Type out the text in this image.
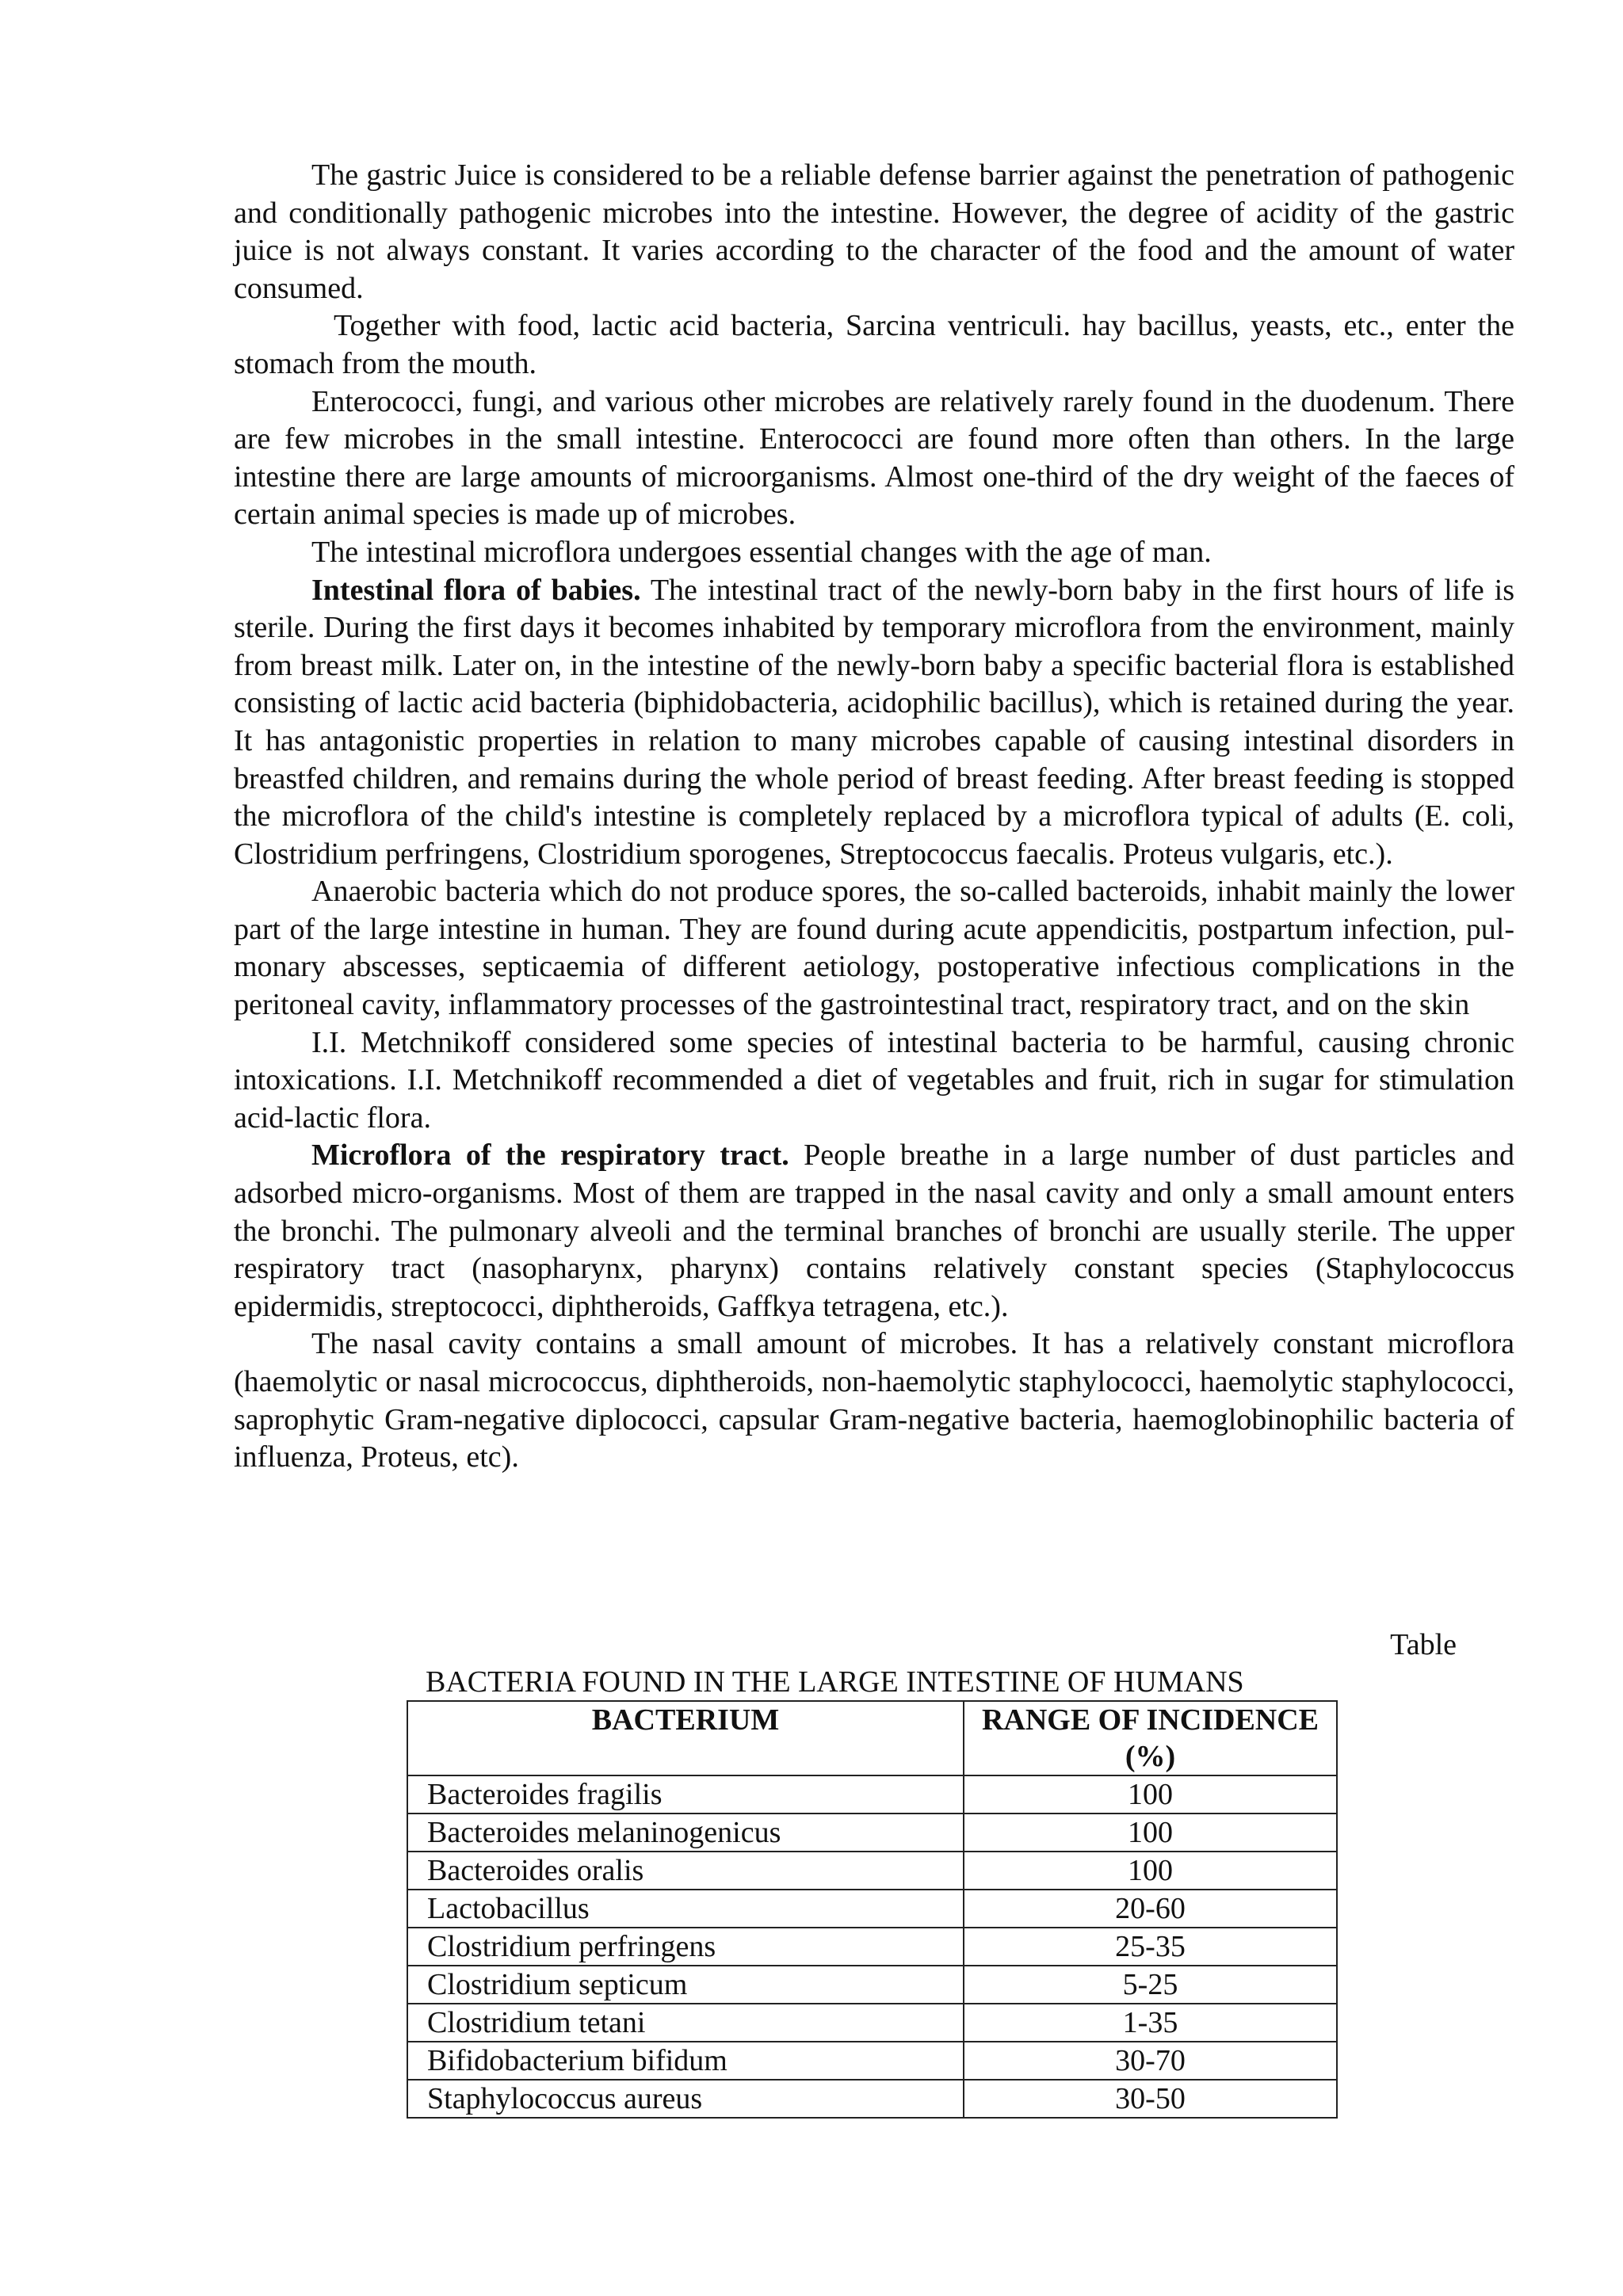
The gastric Juice is considered to be a reliable defense barrier against the penetration of pathogenic and conditionally pathogenic microbes into the intestine. However, the degree of acidity of the gastric juice is not always constant. It varies according to the character of the food and the amount of water consumed.

Together with food, lactic acid bacteria, Sarcina ventriculi. hay bacillus, yeasts, etc., enter the stomach from the mouth.

Enterococci, fungi, and various other microbes are relatively rarely found in the duodenum. There are few microbes in the small intestine. Enterococci are found more often than others. In the large intestine there are large amounts of microorganisms. Almost one-third of the dry weight of the faeces of certain animal species is made up of microbes.

The intestinal microflora undergoes essential changes with the age of man.

Intestinal flora of babies. The intestinal tract of the newly-born baby in the first hours of life is sterile. During the first days it becomes inhabited by temporary microflora from the environment, mainly from breast milk. Later on, in the intestine of the newly-born baby a specific bacterial flora is established consisting of lactic acid bacteria (biphidobacteria, acidophilic bacillus), which is retained during the year. It has antagonistic properties in relation to many microbes capable of causing intestinal disorders in breastfed children, and remains during the whole period of breast feeding. After breast feeding is stopped the microflora of the child's intestine is completely replaced by a microflora typical of adults (E. coli, Clostridium perfringens, Clostridium sporogenes, Streptococcus faecalis. Proteus vulgaris, etc.).

Anaerobic bacteria which do not produce spores, the so-called bacteroids, inhabit mainly the lower part of the large intestine in human. They are found during acute appendicitis, postpartum infection, pul- monary abscesses, septicaemia of different aetiology, postoperative infectious complications in the peritoneal cavity, inflammatory processes of the gastrointestinal tract, respiratory tract, and on the skin

I.I. Metchnikoff considered some species of intestinal bacteria to be harmful, causing chronic intoxications. I.I. Metchnikoff recommended a diet of vegetables and fruit, rich in sugar for stimulation acid-lactic flora.

Microflora of the respiratory tract. People breathe in a large number of dust particles and adsorbed micro-organisms. Most of them are trapped in the nasal cavity and only a small amount enters the bronchi. The pulmonary alveoli and the terminal branches of bronchi are usually sterile. The upper respiratory tract (nasopharynx, pharynx) contains relatively constant species (Staphylococcus epidermidis, streptococci, diphtheroids, Gaffkya tetragena, etc.).

The nasal cavity contains a small amount of microbes. It has a relatively constant microflora (haemolytic or nasal micrococcus, diphtheroids, non-haemolytic staphylococci, haemolytic staphylococci, saprophytic Gram-negative diplococci, capsular Gram-negative bacteria, haemoglobinophilic bacteria of influenza, Proteus, etc).

Table
BACTERIA FOUND IN THE LARGE INTESTINE OF HUMANS
BACTERIUM	RANGE OF INCIDENCE (%)
Bacteroides fragilis	100
Bacteroides melaninogenicus	100
Bacteroides oralis	100
Lactobacillus	20-60
Clostridium perfringens	25-35
Clostridium septicum	5-25
Clostridium tetani	1-35
Bifidobacterium bifidum	30-70
Staphylococcus aureus	30-50
